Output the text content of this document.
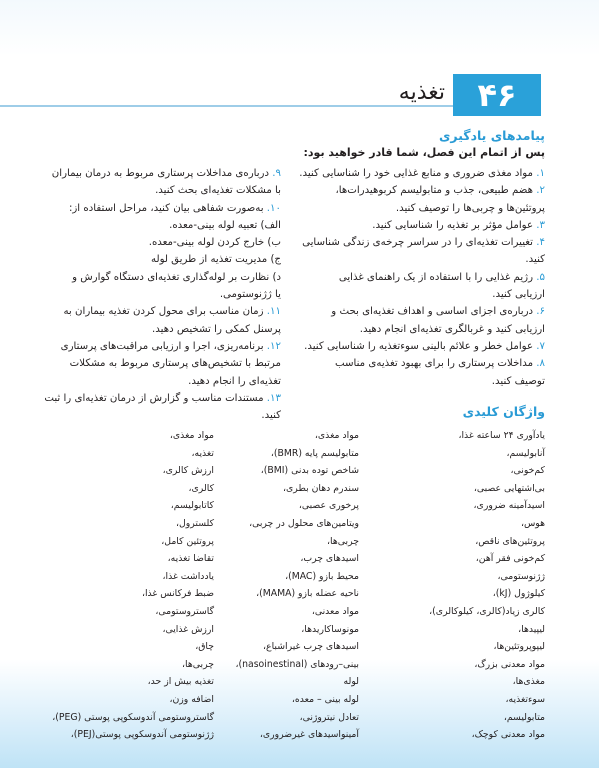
۴۶
تغذیه
پیامدهای یادگیری
پس از اتمام این فصل، شما قادر خواهید بود:
۱. مواد مغذی ضروری و منابع غذایی خود را شناسایی کنید.
۲. هضم طبیعی، جذب و متابولیسم کربوهیدرات‌ها،
پروتئین‌ها و چربی‌ها را توصیف کنید.
۳. عوامل مؤثر بر تغذیه را شناسایی کنید.
۴. تغییرات تغذیه‌ای را در سراسر چرخه‌ی زندگی شناسایی
کنید.
۵. رژیم غذایی را با استفاده از یک راهنمای غذایی
ارزیابی کنید.
۶. درباره‌ی اجزای اساسی و اهداف تغذیه‌ای بحث و
ارزیابی کنید و غربالگری تغذیه‌ای انجام دهید.
۷. عوامل خطر و علائم بالینی سوءتغذیه را شناسایی کنید.
۸. مداخلات پرستاری را برای بهبود تغذیه‌ی مناسب
توصیف کنید.
۹. درباره‌ی مداخلات پرستاری مربوط به درمان بیماران
با مشکلات تغذیه‌ای بحث کنید.
۱۰. به‌صورت شفاهی بیان کنید، مراحل استفاده از:
الف) تعبیه لوله بینی-معده.
ب) خارج کردن لوله بینی-معده.
ج) مدیریت تغذیه از طریق لوله
د) نظارت بر لوله‌گذاری تغذیه‌ای دستگاه گوارش و
یا ژژنوستومی.
۱۱. زمان مناسب برای محول کردن تغذیه بیماران به
پرسنل کمکی را تشخیص دهید.
۱۲. برنامه‌ریزی، اجرا و ارزیابی مراقبت‌های پرستاری
مرتبط با تشخیص‌های پرستاری مربوط به مشکلات
تغذیه‌ای را انجام دهید.
۱۳. مستندات مناسب و گزارش از درمان تغذیه‌ای را ثبت
کنید.	واژگان کلیدی
یادآوری ۲۴ ساعته غذا،
آنابولیسم،
کم‌خونی،
بی‌اشتهایی عصبی،
اسیدآمینه ضروری،
هوس،
پروتئین‌های ناقص،
کم‌خونی فقر آهن،
ژژنوستومی،
کیلوژول (kJ)،
کالری زیاد(کالری، کیلوکالری)،
لیپیدها،
لیپوپروتئین‌ها،
مواد معدنی بزرگ،
مغذی‌ها،
سوءتغذیه،
متابولیسم،
مواد معدنی کوچک،
مواد مغذی،
متابولیسم پایه (BMR)،
شاخص توده بدنی (BMI)،
سندرم دهان بطری،
پرخوری عصبی،
ویتامین‌های محلول در چربی،
چربی‌ها،
اسیدهای چرب،
محیط بازو (MAC)،
ناحیه عضله بازو (MAMA)،
مواد معدنی،
مونوساکاریدها،
اسیدهای چرب غیراشباع،
بینی–رودهای (nasoinestinal)،
لوله
لوله بینی – معده،
تعادل نیتروژنی،
آمینواسیدهای غیرضروری،
مواد مغذی،
تغذیه،
ارزش کالری،
کالری،
کاتابولیسم،
کلسترول،
پروتئین کامل،
تقاضا تغذیه،
یادداشت غذا،
ضبط فرکانس غذا،
گاستروستومی،
ارزش غذایی،
چاق،
چربی‌ها،
تغذیه بیش از حد،
اضافه وزن،
گاستروستومی آندوسکوپی پوستی (PEG)،
ژژنوستومی آندوسکوپی پوستی(PEJ)،
